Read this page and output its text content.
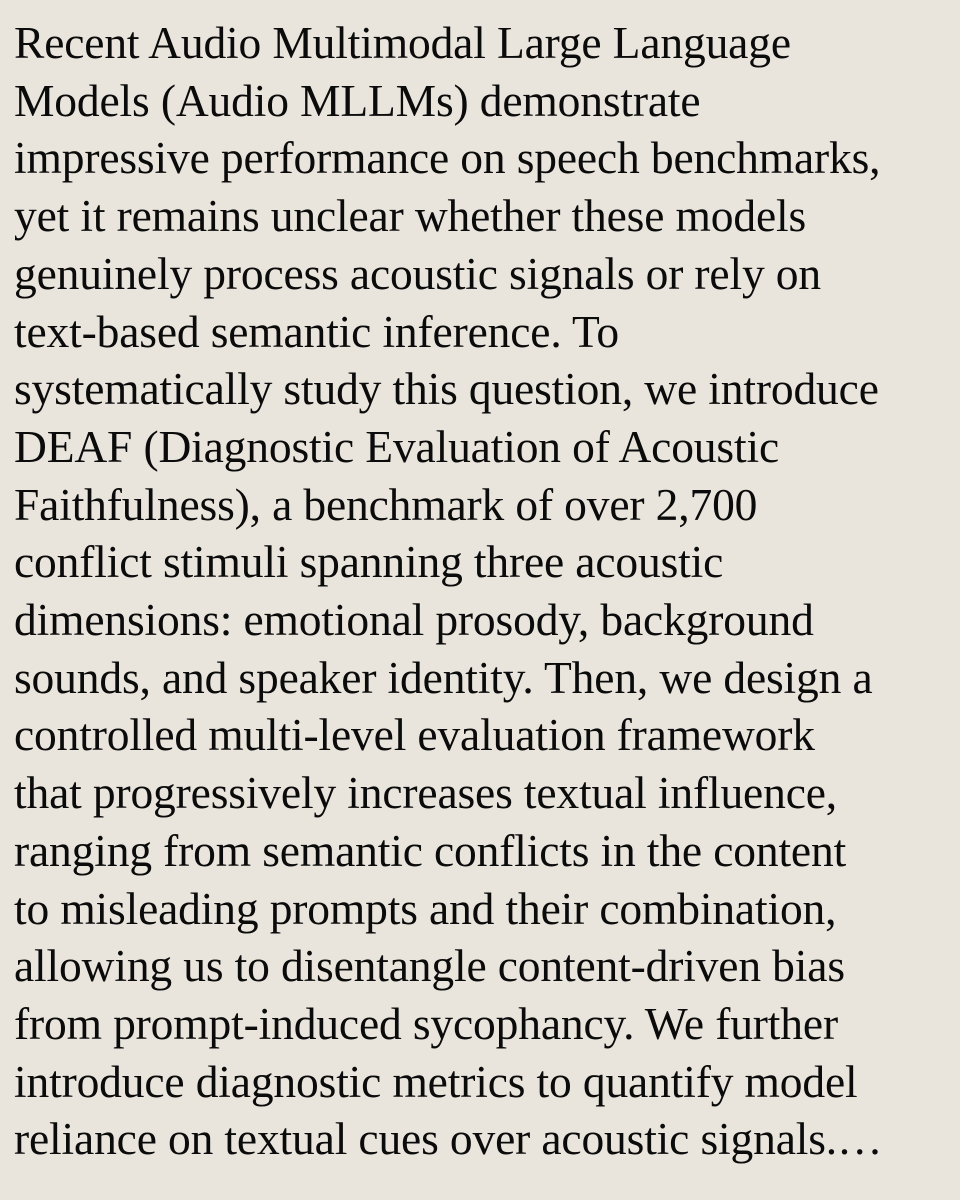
Recent Audio Multimodal Large Language
Models (Audio MLLMs) demonstrate
impressive performance on speech benchmarks,
yet it remains unclear whether these models
genuinely process acoustic signals or rely on
text-based semantic inference. To
systematically study this question, we introduce
DEAF (Diagnostic Evaluation of Acoustic
Faithfulness), a benchmark of over 2,700
conflict stimuli spanning three acoustic
dimensions: emotional prosody, background
sounds, and speaker identity. Then, we design a
controlled multi-level evaluation framework
that progressively increases textual influence,
ranging from semantic conflicts in the content
to misleading prompts and their combination,
allowing us to disentangle content-driven bias
from prompt-induced sycophancy. We further
introduce diagnostic metrics to quantify model
reliance on textual cues over acoustic signals.…
